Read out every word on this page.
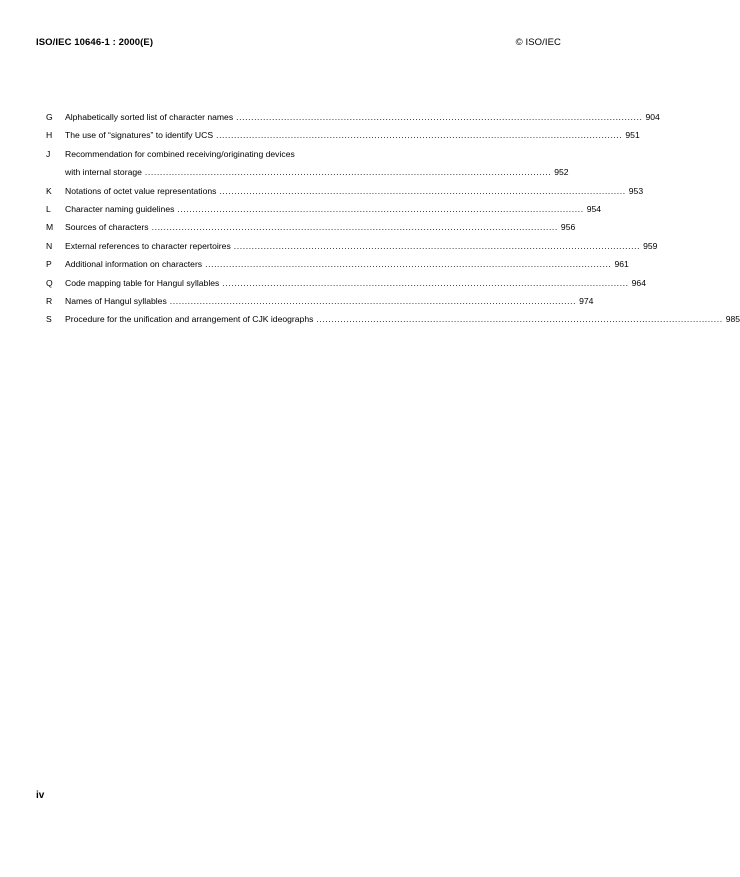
ISO/IEC 10646-1 : 2000(E)	© ISO/IEC
G	Alphabetically sorted list of character names ........................................................................................................................................ 904
H	The use of “signatures” to identify UCS ........................................................................................................................................ 951
J	Recommendation for combined receiving/originating devices
with internal storage ........................................................................................................................................ 952
K	Notations of octet value representations ........................................................................................................................................ 953
L	Character naming guidelines ........................................................................................................................................ 954
M	Sources of characters ........................................................................................................................................ 956
N	External references to character repertoires ........................................................................................................................................ 959
P	Additional information on characters ........................................................................................................................................ 961
Q	Code mapping table for Hangul syllables ........................................................................................................................................ 964
R	Names of Hangul syllables ........................................................................................................................................ 974
S	Procedure for the unification and arrangement of CJK ideographs ........................................................................................................................................ 985
iv
